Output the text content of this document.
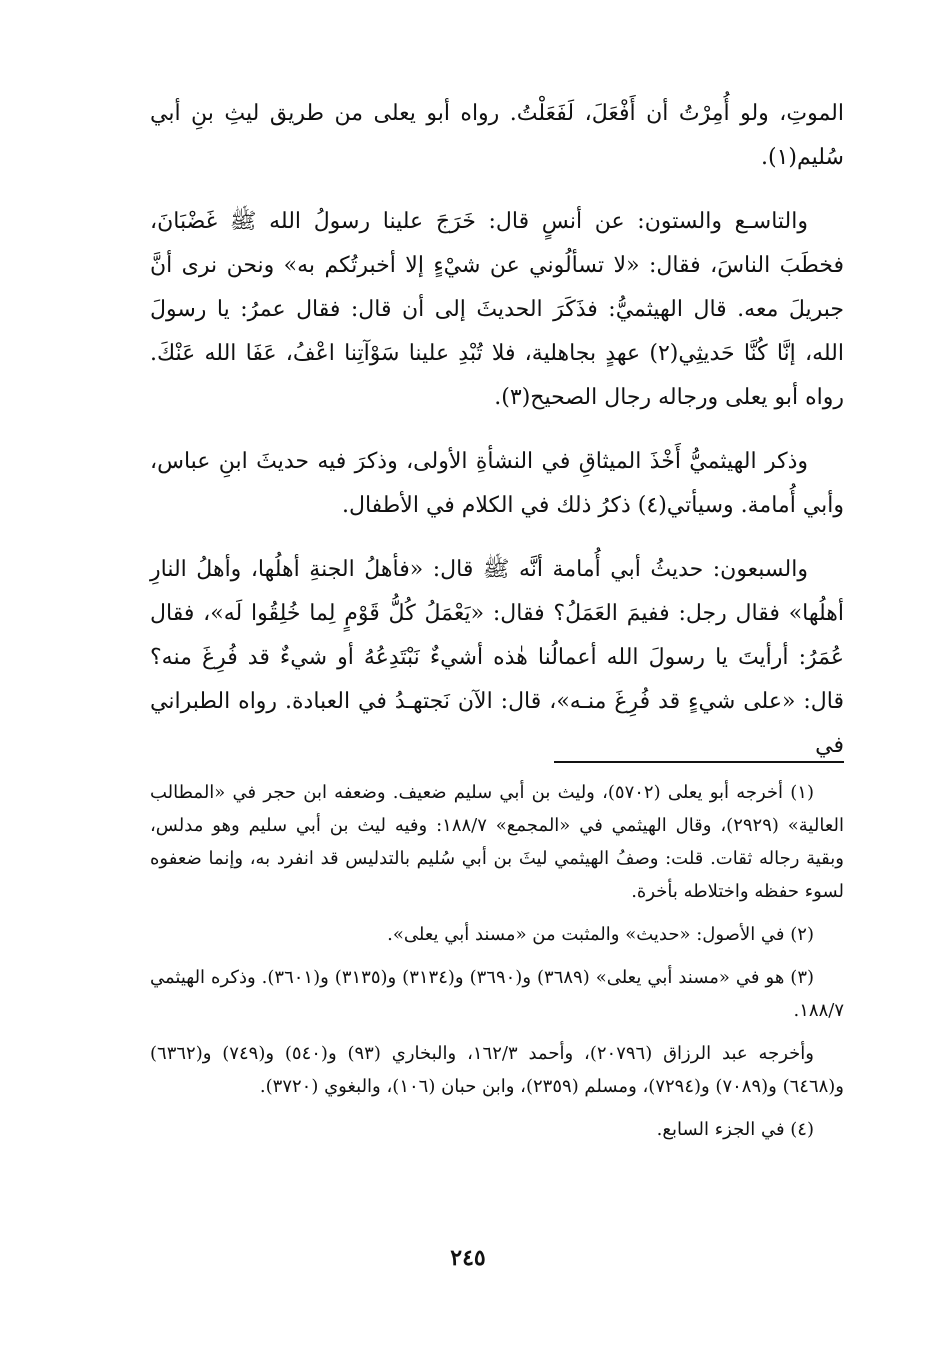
الموتِ، ولو أُمِرْتُ أن أَفْعَلَ، لَفَعَلْتُ. رواه أبو يعلى من طريق ليثِ بنِ أبي سُليم(١).

والتاسـع والستون: عن أنسٍ قال: خَرَجَ علينا رسولُ الله ﷺ غَضْبَانَ، فخطَبَ الناسَ، فقال: «لا تسألُوني عن شيْءٍ إلا أخبرتُكم به» ونحن نرى أنَّ جبريلَ معه. قال الهيثميُّ: فذَكَرَ الحديثَ إلى أن قال: فقال عمرُ: يا رسولَ الله، إنَّا كُنَّا حَديثِي(٢) عهدٍ بجاهلية، فلا تُبْدِ علينا سَوْآتِنا اعْفُ، عَفَا الله عَنْكَ. رواه أبو يعلى ورجاله رجال الصحيح(٣).

وذكر الهيثميُّ أَخْذَ الميثاقِ في النشأةِ الأولى، وذكرَ فيه حديثَ ابنِ عباس، وأبي أُمامة. وسيأتي(٤) ذكرُ ذلك في الكلام في الأطفال.

والسبعون: حديثُ أبي أُمامة أنَّه ﷺ قال: «فأهلُ الجنةِ أهلُها، وأهلُ النارِ أهلُها» فقال رجل: ففيمَ العَمَلُ؟ فقال: «يَعْمَلُ كُلُّ قَوْمٍ لِما خُلِقُوا لَه»، فقال عُمَرُ: أرأيتَ يا رسولَ الله أعمالُنا هٰذه أشيءٌ نَبْتَدِعُهُ أو شيءٌ قد فُرِغَ منه؟ قال: «على شيءٍ قد فُرِغَ منـه»، قال: الآن نَجتهـدُ في العبادة. رواه الطبراني في

(١) أخرجه أبو يعلى (٥٧٠٢)، وليث بن أبي سليم ضعيف. وضعفه ابن حجر في «المطالب العالية» (٢٩٢٩)، وقال الهيثمي في «المجمع» ١٨٨/٧: وفيه ليث بن أبي سليم وهو مدلس، وبقية رجاله ثقات. قلت: وصفُ الهيثمي ليثَ بن أبي سُليم بالتدليس قد انفرد به، وإنما ضعفوه لسوء حفظه واختلاطه بأخرة.

(٢) في الأصول: «حديث» والمثبت من «مسند أبي يعلى».

(٣) هو في «مسند أبي يعلى» (٣٦٨٩) و(٣٦٩٠) و(٣١٣٤) و(٣١٣٥) و(٣٦٠١). وذكره الهيثمي ١٨٨/٧.

وأخرجه عبد الرزاق (٢٠٧٩٦)، وأحمد ١٦٢/٣، والبخاري (٩٣) و(٥٤٠) و(٧٤٩) و(٦٣٦٢) و(٦٤٦٨) و(٧٠٨٩) و(٧٢٩٤)، ومسلم (٢٣٥٩)، وابن حبان (١٠٦)، والبغوي (٣٧٢٠).

(٤) في الجزء السابع.

٢٤٥
